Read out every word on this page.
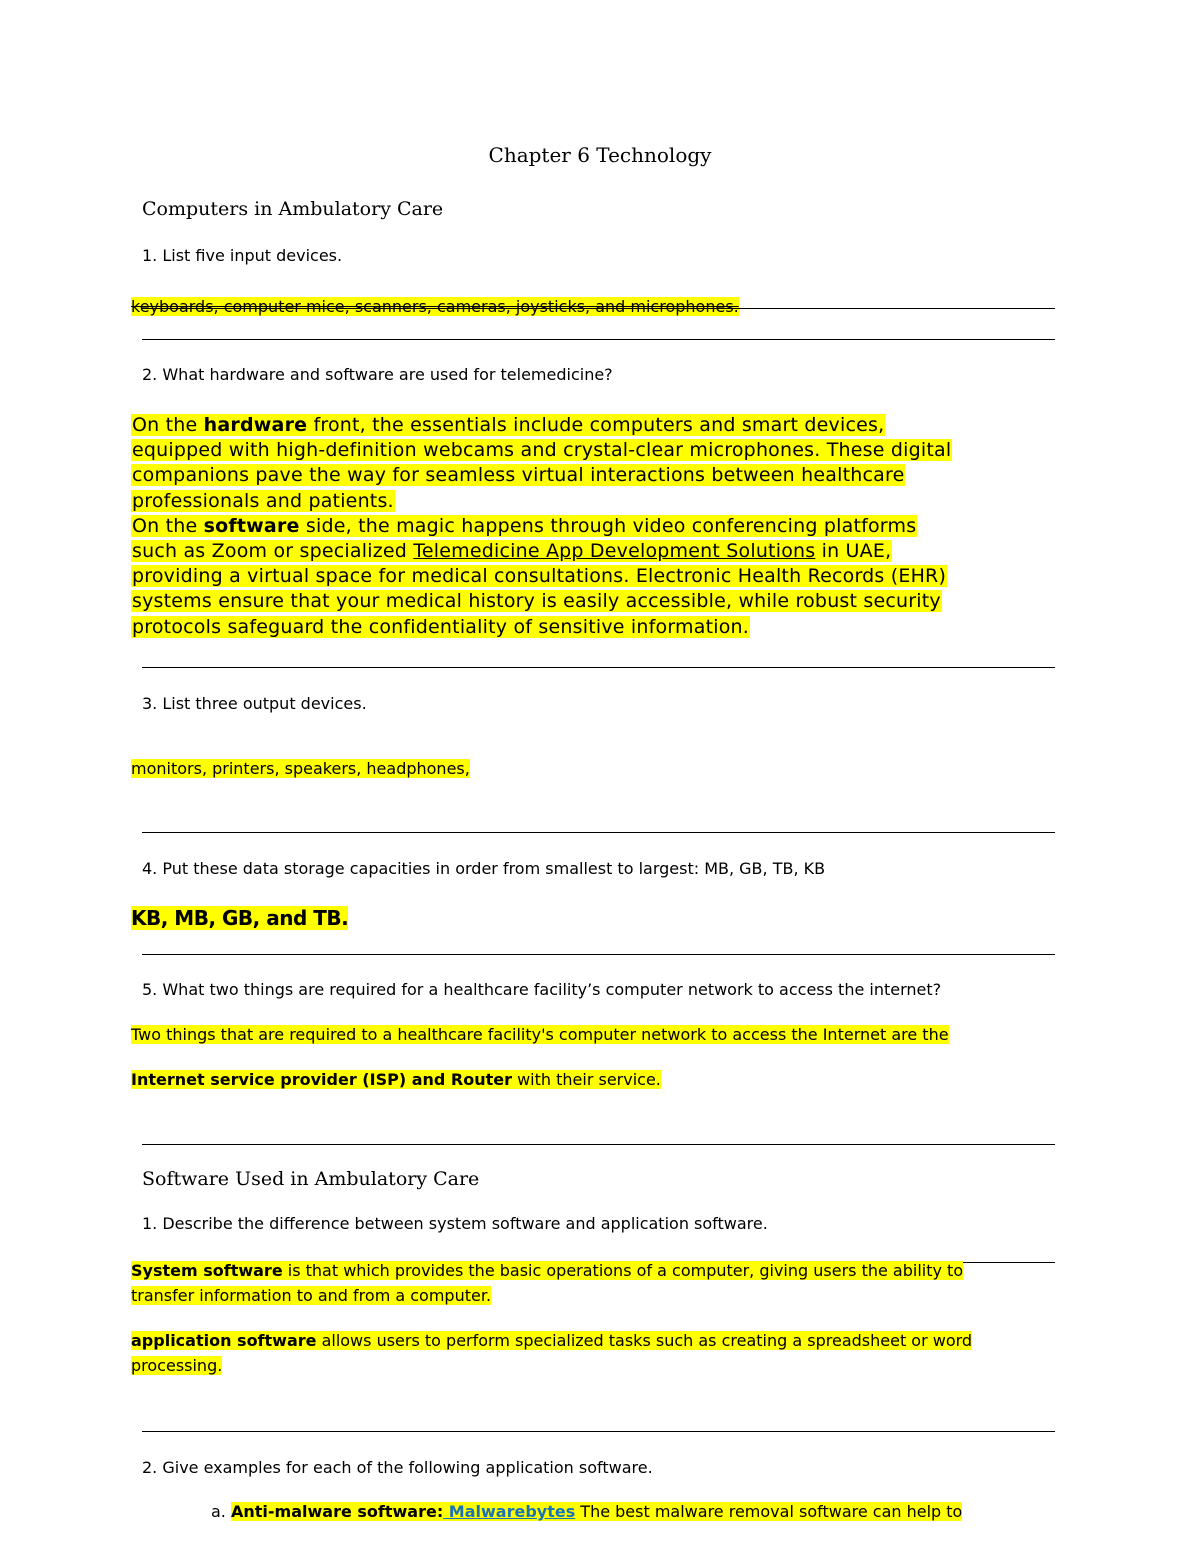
Chapter 6 Technology
Computers in Ambulatory Care
1. List five input devices.
keyboards, computer mice, scanners, cameras, joysticks, and microphones.
2. What hardware and software are used for telemedicine?
On the hardware front, the essentials include computers and smart devices,
equipped with high-definition webcams and crystal-clear microphones. These digital
companions pave the way for seamless virtual interactions between healthcare
professionals and patients.
On the software side, the magic happens through video conferencing platforms
such as Zoom or specialized Telemedicine App Development Solutions in UAE,
providing a virtual space for medical consultations. Electronic Health Records (EHR)
systems ensure that your medical history is easily accessible, while robust security
protocols safeguard the confidentiality of sensitive information.
3. List three output devices.
monitors, printers, speakers, headphones,
4. Put these data storage capacities in order from smallest to largest: MB, GB, TB, KB
KB, MB, GB, and TB.
5. What two things are required for a healthcare facility’s computer network to access the internet?
Two things that are required to a healthcare facility's computer network to access the Internet are the
Internet service provider (ISP) and Router with their service.
Software Used in Ambulatory Care
1. Describe the difference between system software and application software.
System software is that which provides the basic operations of a computer, giving users the ability to
transfer information to and from a computer.
application software allows users to perform specialized tasks such as creating a spreadsheet or word
processing.
2. Give examples for each of the following application software.
a. Anti-malware software: Malwarebytes The best malware removal software can help to
